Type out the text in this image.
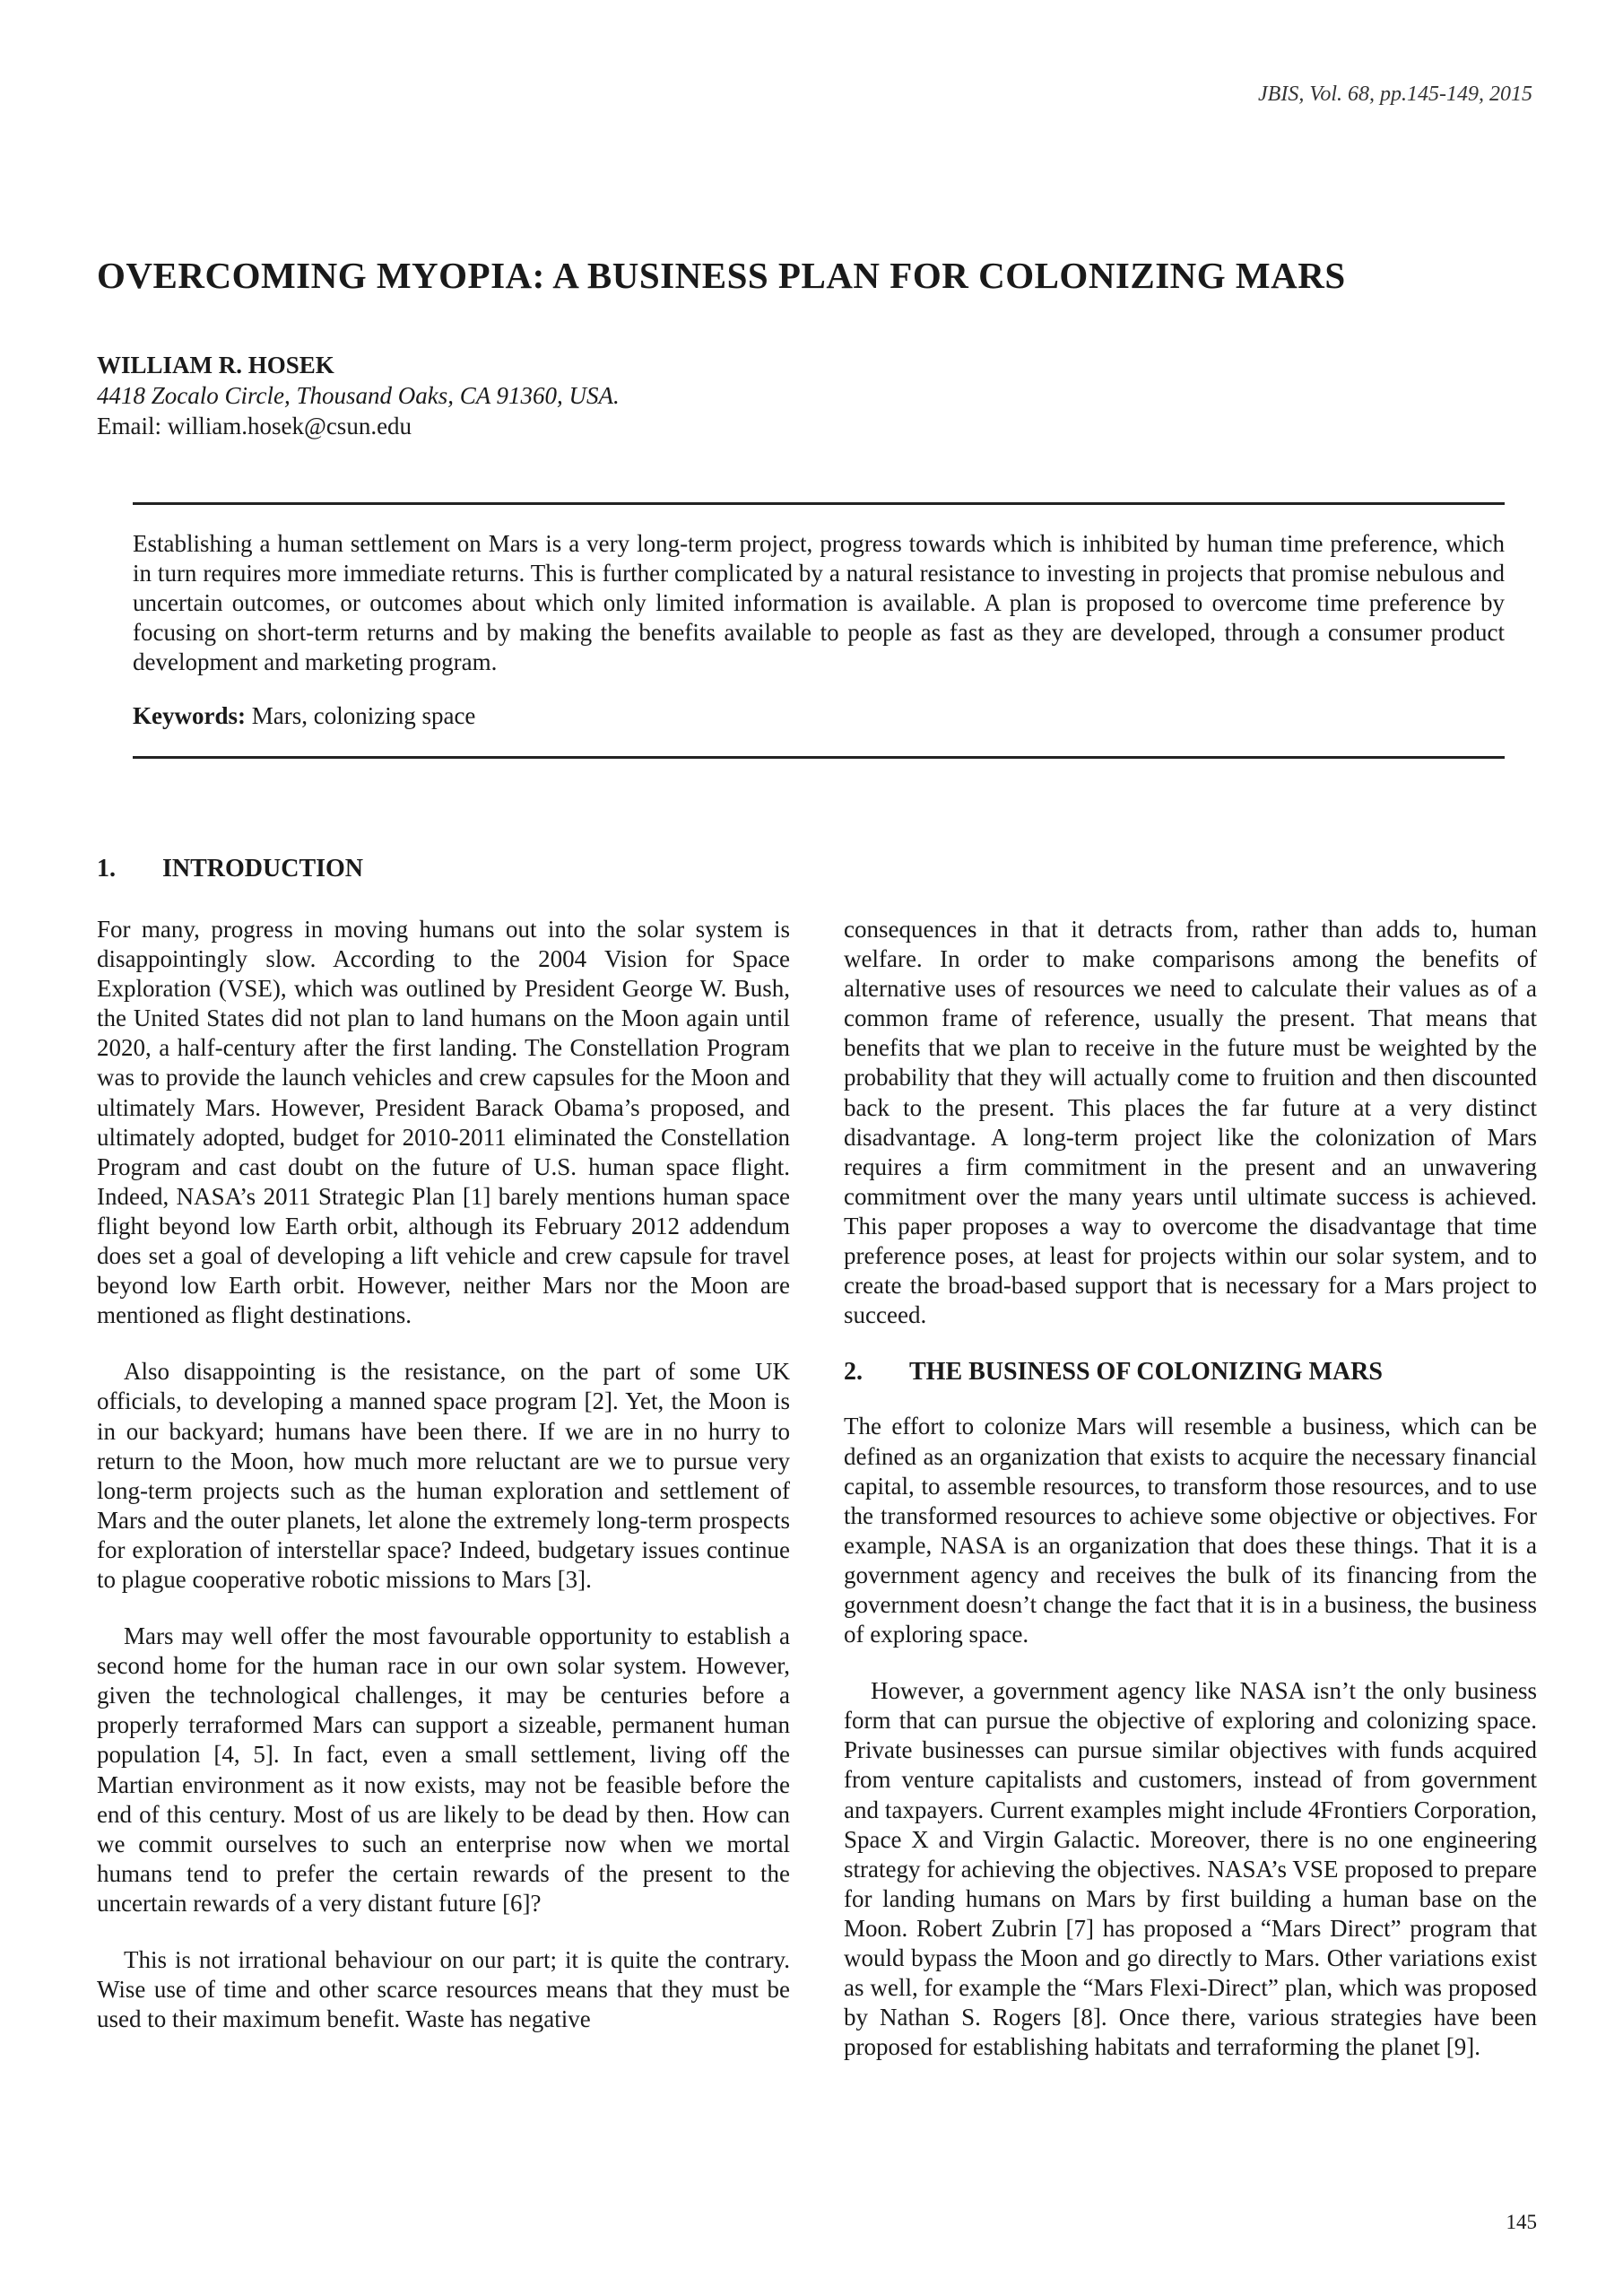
JBIS, Vol. 68, pp.145-149, 2015
OVERCOMING MYOPIA: A BUSINESS PLAN FOR COLONIZING MARS
WILLIAM R. HOSEK
4418 Zocalo Circle, Thousand Oaks, CA 91360, USA.
Email: william.hosek@csun.edu

Establishing a human settlement on Mars is a very long-term project, progress towards which is inhibited by human time preference, which in turn requires more immediate returns. This is further complicated by a natural resistance to investing in projects that promise nebulous and uncertain outcomes, or outcomes about which only limited information is available. A plan is proposed to overcome time preference by focusing on short-term returns and by making the benefits available to people as fast as they are developed, through a consumer product development and marketing program.

Keywords: Mars, colonizing space
1. INTRODUCTION

For many, progress in moving humans out into the solar system is disappointingly slow. According to the 2004 Vision for Space Exploration (VSE), which was outlined by President George W. Bush, the United States did not plan to land humans on the Moon again until 2020, a half-century after the first landing. The Constellation Program was to provide the launch vehicles and crew capsules for the Moon and ultimately Mars. However, President Barack Obama’s proposed, and ultimately adopted, budget for 2010-2011 eliminated the Constellation Program and cast doubt on the future of U.S. human space flight. Indeed, NASA’s 2011 Strategic Plan [1] barely mentions human space flight beyond low Earth orbit, although its February 2012 addendum does set a goal of developing a lift vehicle and crew capsule for travel beyond low Earth orbit. However, neither Mars nor the Moon are mentioned as flight destinations.

Also disappointing is the resistance, on the part of some UK officials, to developing a manned space program [2]. Yet, the Moon is in our backyard; humans have been there. If we are in no hurry to return to the Moon, how much more reluctant are we to pursue very long-term projects such as the human exploration and settlement of Mars and the outer planets, let alone the extremely long-term prospects for exploration of interstellar space? Indeed, budgetary issues continue to plague cooperative robotic missions to Mars [3].

Mars may well offer the most favourable opportunity to establish a second home for the human race in our own solar system. However, given the technological challenges, it may be centuries before a properly terraformed Mars can support a sizeable, permanent human population [4, 5]. In fact, even a small settlement, living off the Martian environment as it now exists, may not be feasible before the end of this century. Most of us are likely to be dead by then. How can we commit ourselves to such an enterprise now when we mortal humans tend to prefer the certain rewards of the present to the uncertain rewards of a very distant future [6]?

This is not irrational behaviour on our part; it is quite the contrary. Wise use of time and other scarce resources means that they must be used to their maximum benefit. Waste has negative

consequences in that it detracts from, rather than adds to, human welfare. In order to make comparisons among the benefits of alternative uses of resources we need to calculate their values as of a common frame of reference, usually the present. That means that benefits that we plan to receive in the future must be weighted by the probability that they will actually come to fruition and then discounted back to the present. This places the far future at a very distinct disadvantage. A long-term project like the colonization of Mars requires a firm commitment in the present and an unwavering commitment over the many years until ultimate success is achieved. This paper proposes a way to overcome the disadvantage that time preference poses, at least for projects within our solar system, and to create the broad-based support that is necessary for a Mars project to succeed.

2. THE BUSINESS OF COLONIZING MARS

The effort to colonize Mars will resemble a business, which can be defined as an organization that exists to acquire the necessary financial capital, to assemble resources, to transform those resources, and to use the transformed resources to achieve some objective or objectives. For example, NASA is an organization that does these things. That it is a government agency and receives the bulk of its financing from the government doesn’t change the fact that it is in a business, the business of exploring space.

However, a government agency like NASA isn’t the only business form that can pursue the objective of exploring and colonizing space. Private businesses can pursue similar objectives with funds acquired from venture capitalists and customers, instead of from government and taxpayers. Current examples might include 4Frontiers Corporation, Space X and Virgin Galactic. Moreover, there is no one engineering strategy for achieving the objectives. NASA’s VSE proposed to prepare for landing humans on Mars by first building a human base on the Moon. Robert Zubrin [7] has proposed a “Mars Direct” program that would bypass the Moon and go directly to Mars. Other variations exist as well, for example the “Mars Flexi-Direct” plan, which was proposed by Nathan S. Rogers [8]. Once there, various strategies have been proposed for establishing habitats and terraforming the planet [9].

145
